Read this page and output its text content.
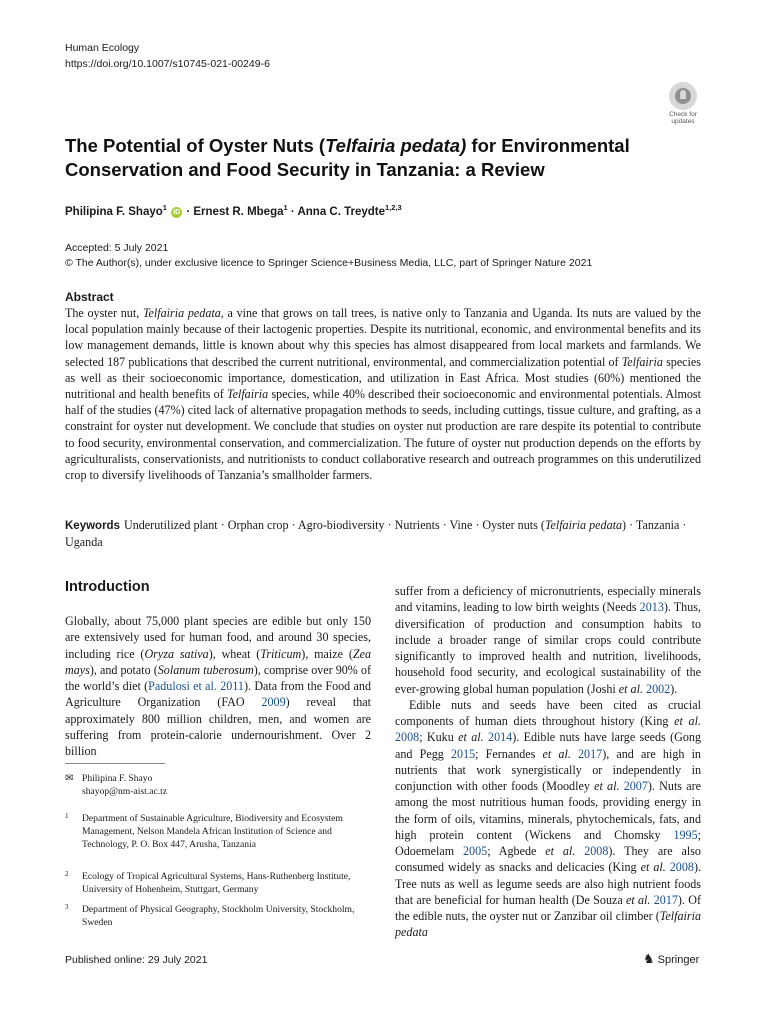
Human Ecology
https://doi.org/10.1007/s10745-021-00249-6
Check for
updates
The Potential of Oyster Nuts (Telfairia pedata) for Environmental Conservation and Food Security in Tanzania: a Review
Philipina F. Shayo$^1$ iD · Ernest R. Mbega$^1$ · Anna C. Treydte$^{1,2,3}$
Accepted: 5 July 2021
© The Author(s), under exclusive licence to Springer Science+Business Media, LLC, part of Springer Nature 2021
Abstract
The oyster nut, Telfairia pedata, a vine that grows on tall trees, is native only to Tanzania and Uganda. Its nuts are valued by the local population mainly because of their lactogenic properties. Despite its nutritional, economic, and environmental benefits and its low management demands, little is known about why this species has almost disappeared from local markets and farmlands. We selected 187 publications that described the current nutritional, environmental, and commercialization potential of Telfairia species as well as their socioeconomic importance, domestication, and utilization in East Africa. Most studies (60%) mentioned the nutritional and health benefits of Telfairia species, while 40% described their socioeconomic and environmental potentials. Almost half of the studies (47%) cited lack of alternative propagation methods to seeds, including cuttings, tissue culture, and grafting, as a constraint for oyster nut development. We conclude that studies on oyster nut production are rare despite its potential to contribute to food security, environmental conservation, and commercialization. The future of oyster nut production depends on the efforts by agriculturalists, conservationists, and nutritionists to conduct collaborative research and outreach programmes on this underutilized crop to diversify livelihoods of Tanzania’s smallholder farmers.
Keywords Underutilized plant · Orphan crop · Agro-biodiversity · Nutrients · Vine · Oyster nuts (Telfairia pedata) · Tanzania · Uganda
Introduction

Globally, about 75,000 plant species are edible but only 150 are extensively used for human food, and around 30 species, including rice (Oryza sativa), wheat (Triticum), maize (Zea mays), and potato (Solanum tuberosum), comprise over 90% of the world’s diet (Padulosi et al. 2011). Data from the Food and Agriculture Organization (FAO 2009) reveal that approximately 800 million children, men, and women are suffering from protein-calorie undernourishment. Over 2 billion

suffer from a deficiency of micronutrients, especially minerals and vitamins, leading to low birth weights (Needs 2013). Thus, diversification of production and consumption habits to include a broader range of similar crops could contribute significantly to improved health and nutrition, livelihoods, household food security, and ecological sustainability of the ever-growing global human population (Joshi et al. 2002).

Edible nuts and seeds have been cited as crucial components of human diets throughout history (King et al. 2008; Kuku et al. 2014). Edible nuts have large seeds (Gong and Pegg 2015; Fernandes et al. 2017), and are high in nutrients that work synergistically or independently in conjunction with other foods (Moodley et al. 2007). Nuts are among the most nutritious human foods, providing energy in the form of oils, vitamins, minerals, phytochemicals, fats, and high protein content (Wickens and Chomsky 1995; Odoemelam 2005; Agbede et al. 2008). They are also consumed widely as snacks and delicacies (King et al. 2008). Tree nuts as well as legume seeds are also high nutrient foods that are beneficial for human health (De Souza et al. 2017). Of the edible nuts, the oyster nut or Zanzibar oil climber (Telfairia pedata

✉ Philipina F. Shayo
shayop@nm-aist.ac.tz
1	Department of Sustainable Agriculture, Biodiversity and Ecosystem Management, Nelson Mandela African Institution of Science and Technology, P. O. Box 447, Arusha, Tanzania
2	Ecology of Tropical Agricultural Systems, Hans-Ruthenberg Institute, University of Hohenheim, Stuttgart, Germany
3	Department of Physical Geography, Stockholm University, Stockholm, Sweden
Published online: 29 July 2021	♞ Springer
